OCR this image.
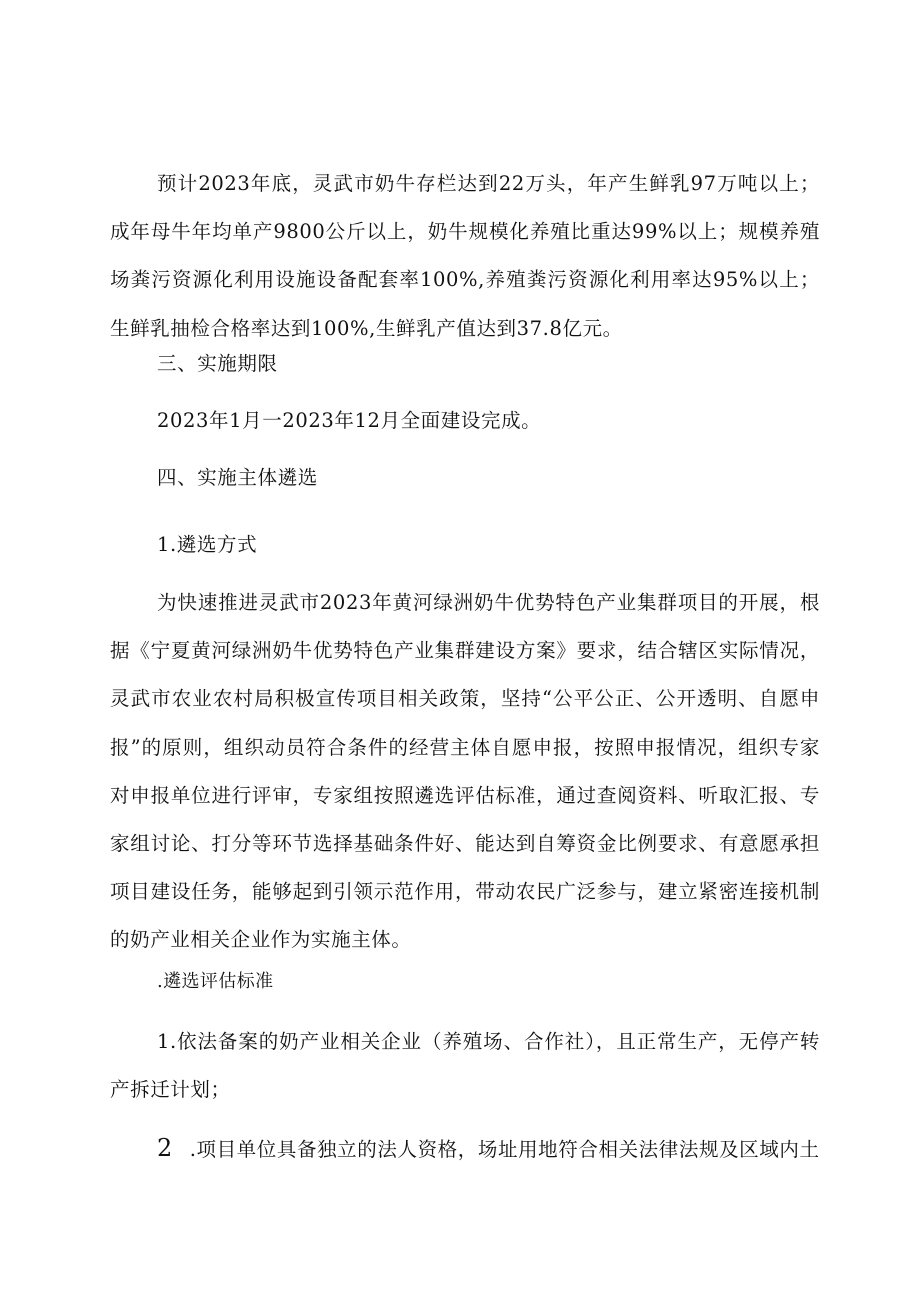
预计2023年底，灵武市奶牛存栏达到22万头，年产生鲜乳97万吨以上；成年母牛年均单产9800公斤以上，奶牛规模化养殖比重达99%以上；规模养殖场粪污资源化利用设施设备配套率100%,养殖粪污资源化利用率达95%以上；生鲜乳抽检合格率达到100%,生鲜乳产值达到37.8亿元。
三、实施期限
2023年1月一2023年12月全面建设完成。
四、实施主体遴选
1.遴选方式
为快速推进灵武市2023年黄河绿洲奶牛优势特色产业集群项目的开展，根据《宁夏黄河绿洲奶牛优势特色产业集群建设方案》要求，结合辖区实际情况，灵武市农业农村局积极宣传项目相关政策，坚持“公平公正、公开透明、自愿申报”的原则，组织动员符合条件的经营主体自愿申报，按照申报情况，组织专家对申报单位进行评审，专家组按照遴选评估标准，通过查阅资料、听取汇报、专家组讨论、打分等环节选择基础条件好、能达到自筹资金比例要求、有意愿承担项目建设任务，能够起到引领示范作用，带动农民广泛参与，建立紧密连接机制的奶产业相关企业作为实施主体。
.遴选评估标准
1.依法备案的奶产业相关企业（养殖场、合作社），且正常生产，无停产转产拆迁计划；
2 .项目单位具备独立的法人资格，场址用地符合相关法律法规及区域内土
